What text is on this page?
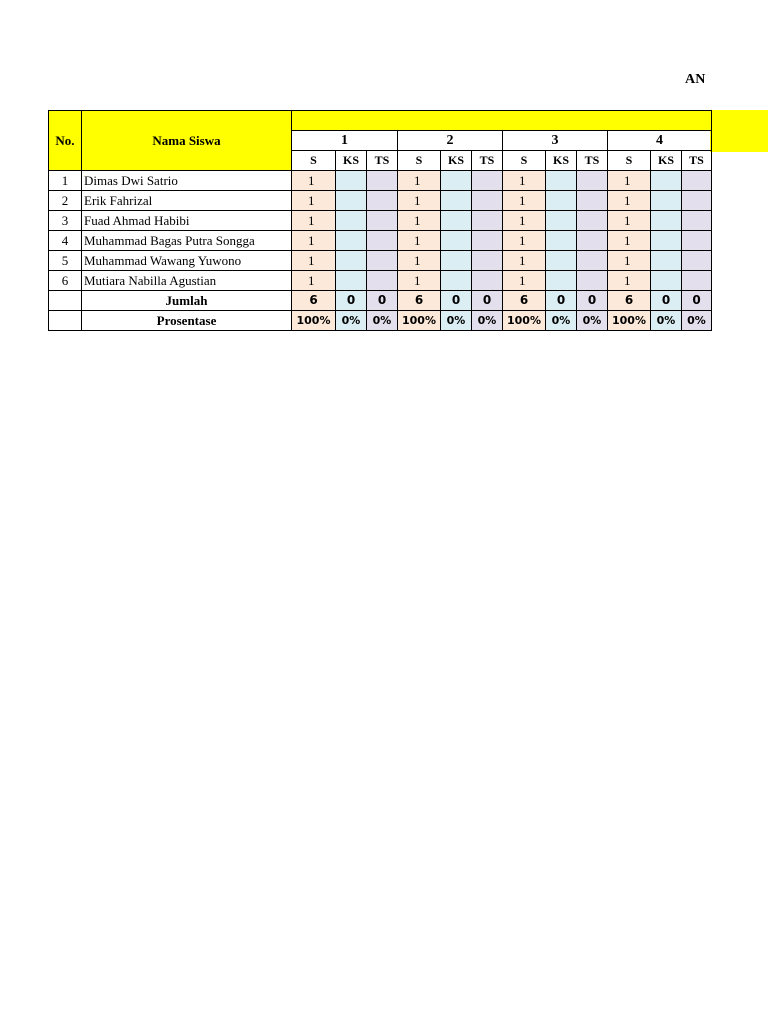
AN
No.	Nama Siswa												
		1			2			3			4		
		S	KS	TS	S	KS	TS	S	KS	TS	S	KS	TS
1	Dimas Dwi Satrio	1			1			1			1		
2	Erik Fahrizal	1			1			1			1		
3	Fuad Ahmad Habibi	1			1			1			1		
4	Muhammad Bagas Putra Songga	1			1			1			1		
5	Muhammad Wawang Yuwono	1			1			1			1		
6	Mutiara Nabilla Agustian	1			1			1			1		
	Jumlah	6	0	0	6	0	0	6	0	0	6	0	0
	Prosentase	100%	0%	0%	100%	0%	0%	100%	0%	0%	100%	0%	0%
